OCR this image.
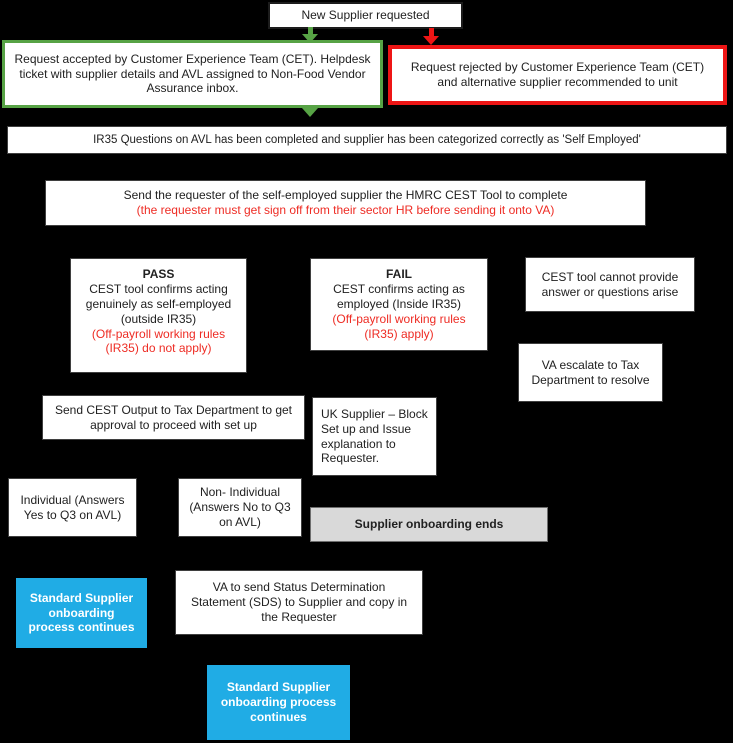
New Supplier requested
Request accepted by Customer Experience Team (CET). Helpdesk ticket with supplier details and AVL assigned to Non-Food Vendor Assurance inbox.
Request rejected by Customer Experience Team (CET) and alternative supplier recommended to unit
IR35 Questions on AVL has been completed and supplier has been categorized correctly as 'Self Employed'
Send the requester of the self-employed supplier the HMRC CEST Tool to complete
(the requester must get sign off from their sector HR before sending it onto VA)
PASS
CEST tool confirms acting genuinely as self-employed (outside IR35)
(Off-payroll working rules (IR35) do not apply)
FAIL
CEST confirms acting as employed (Inside IR35)
(Off-payroll working rules (IR35) apply)
CEST tool cannot provide answer or questions arise
VA escalate to Tax Department to resolve
Send CEST Output to Tax Department to get approval to proceed with set up
UK Supplier – Block Set up and Issue explanation to Requester.
Individual (Answers Yes to Q3 on AVL)
Non- Individual (Answers No to Q3 on AVL)	Supplier onboarding ends
Standard Supplier onboarding process continues
VA to send Status Determination Statement (SDS) to Supplier and copy in the Requester
Standard Supplier onboarding process continues
